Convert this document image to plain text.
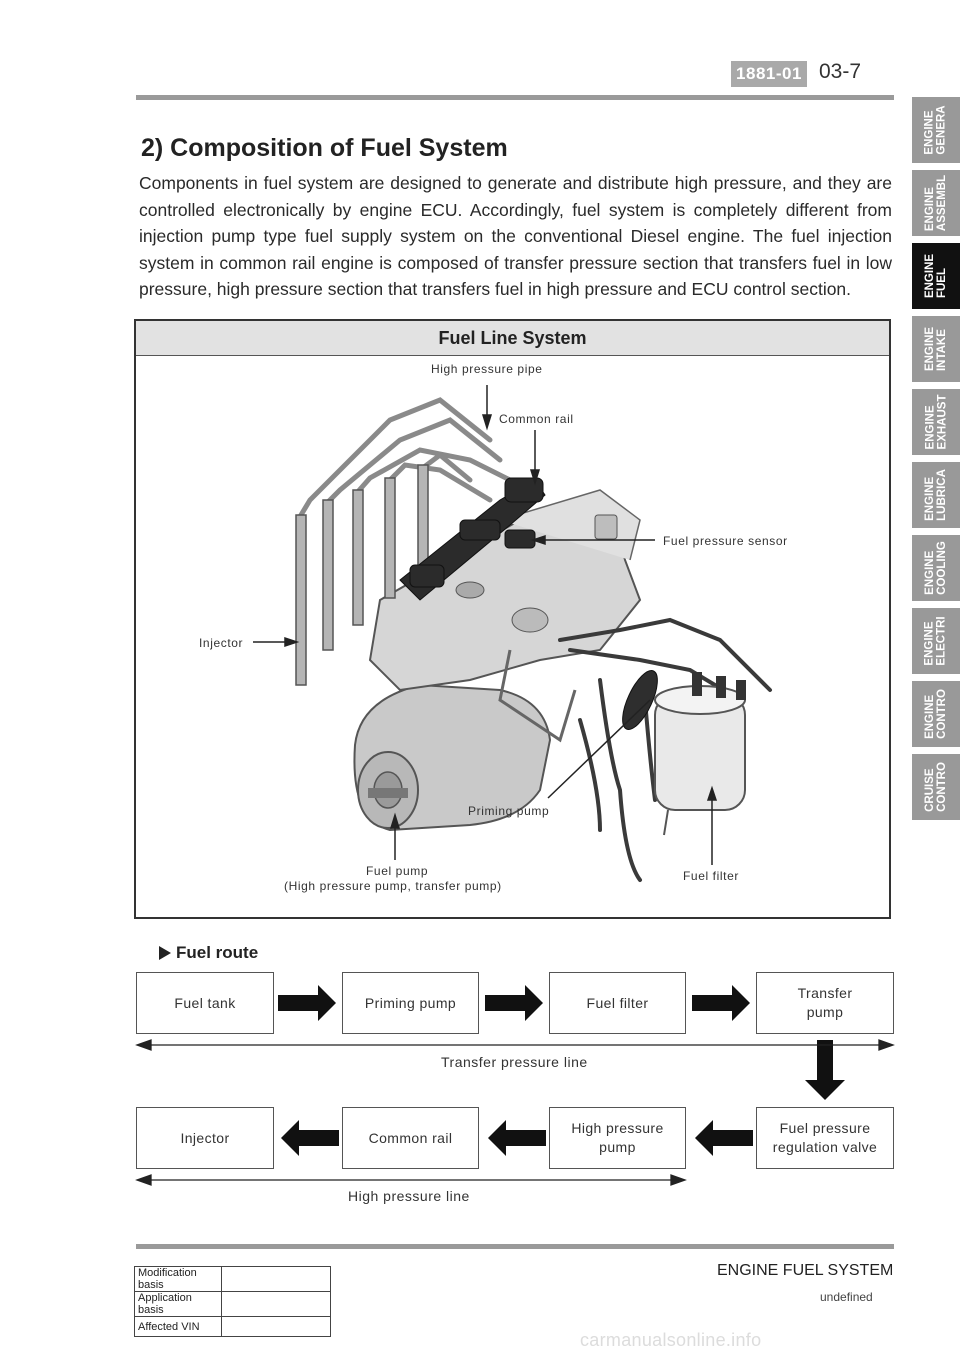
1881-01 03-7
2) Composition of Fuel System
Components in fuel system are designed to generate and distribute high pressure, and they are controlled electronically by engine ECU. Accordingly, fuel system is completely different from injection pump type fuel supply system on the conventional Diesel engine. The fuel injection system in common rail engine is composed of transfer pressure section that transfers fuel in low pressure, high pressure section that transfers fuel in high pressure and ECU control section.
Fuel Line System
High pressure pipe
Common rail
Fuel pressure sensor
Injector
Priming pump
Fuel pump
(High pressure pump, transfer pump)
Fuel filter
Fuel route
Fuel tank	Priming pump	Fuel filter
Transfer
pump
Injector	Common rail
High pressure
pump
Fuel pressure
regulation valve
Transfer pressure line
High pressure line
ENGINE GENERA
ENGINE ASSEMBL
ENGINE FUEL
ENGINE INTAKE
ENGINE EXHAUST
ENGINE LUBRICA
ENGINE COOLING
ENGINE ELECTRI
ENGINE CONTRO
CRUISE CONTRO
ENGINE FUEL SYSTEM
undefined
Modification basis	
Application basis	
Affected VIN	
carmanualsonline.info
